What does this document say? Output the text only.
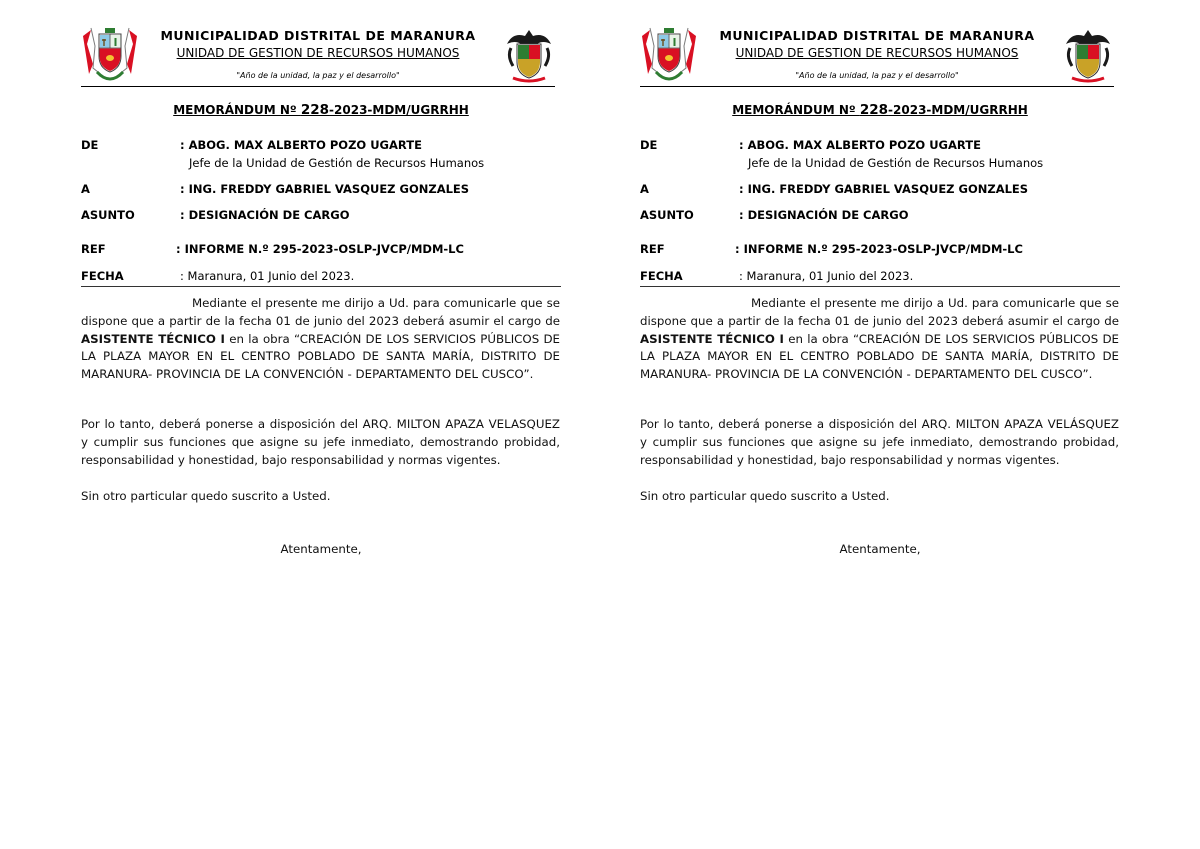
MUNICIPALIDAD DISTRITAL DE MARANURA
UNIDAD DE GESTION DE RECURSOS HUMANOS
"Año de la unidad, la paz y el desarrollo"
MEMORÁNDUM Nº 228-2023-MDM/UGRRHH
DE	: ABOG. MAX ALBERTO POZO UGARTE
Jefe de la Unidad de Gestión de Recursos Humanos
A	: ING. FREDDY GABRIEL VASQUEZ GONZALES
ASUNTO	: DESIGNACIÓN DE CARGO
REF	: INFORME N.º 295-2023-OSLP-JVCP/MDM-LC
FECHA	: Maranura, 01 Junio del 2023.
Mediante el presente me dirijo a Ud. para comunicarle que se dispone que a partir de la fecha 01 de junio del 2023 deberá asumir el cargo de ASISTENTE TÉCNICO I en la obra “CREACIÓN DE LOS SERVICIOS PÚBLICOS DE LA PLAZA MAYOR EN EL CENTRO POBLADO DE SANTA MARÍA, DISTRITO DE MARANURA- PROVINCIA DE LA CONVENCIÓN - DEPARTAMENTO DEL CUSCO”.
Por lo tanto, deberá ponerse a disposición del ARQ. MILTON APAZA VELASQUEZ y cumplir sus funciones que asigne su jefe inmediato, demostrando probidad, responsabilidad y honestidad, bajo responsabilidad y normas vigentes.
Sin otro particular quedo suscrito a Usted.
Atentamente,
MUNICIPALIDAD DISTRITAL DE MARANURA
UNIDAD DE GESTION DE RECURSOS HUMANOS
"Año de la unidad, la paz y el desarrollo"
MEMORÁNDUM Nº 228-2023-MDM/UGRRHH
DE	: ABOG. MAX ALBERTO POZO UGARTE
Jefe de la Unidad de Gestión de Recursos Humanos
A	: ING. FREDDY GABRIEL VASQUEZ GONZALES
ASUNTO	: DESIGNACIÓN DE CARGO
REF	: INFORME N.º 295-2023-OSLP-JVCP/MDM-LC
FECHA	: Maranura, 01 Junio del 2023.
Mediante el presente me dirijo a Ud. para comunicarle que se dispone que a partir de la fecha 01 de junio del 2023 deberá asumir el cargo de ASISTENTE TÉCNICO I en la obra “CREACIÓN DE LOS SERVICIOS PÚBLICOS DE LA PLAZA MAYOR EN EL CENTRO POBLADO DE SANTA MARÍA, DISTRITO DE MARANURA- PROVINCIA DE LA CONVENCIÓN - DEPARTAMENTO DEL CUSCO”.
Por lo tanto, deberá ponerse a disposición del ARQ. MILTON APAZA VELÁSQUEZ y cumplir sus funciones que asigne su jefe inmediato, demostrando probidad, responsabilidad y honestidad, bajo responsabilidad y normas vigentes.
Sin otro particular quedo suscrito a Usted.
Atentamente,
